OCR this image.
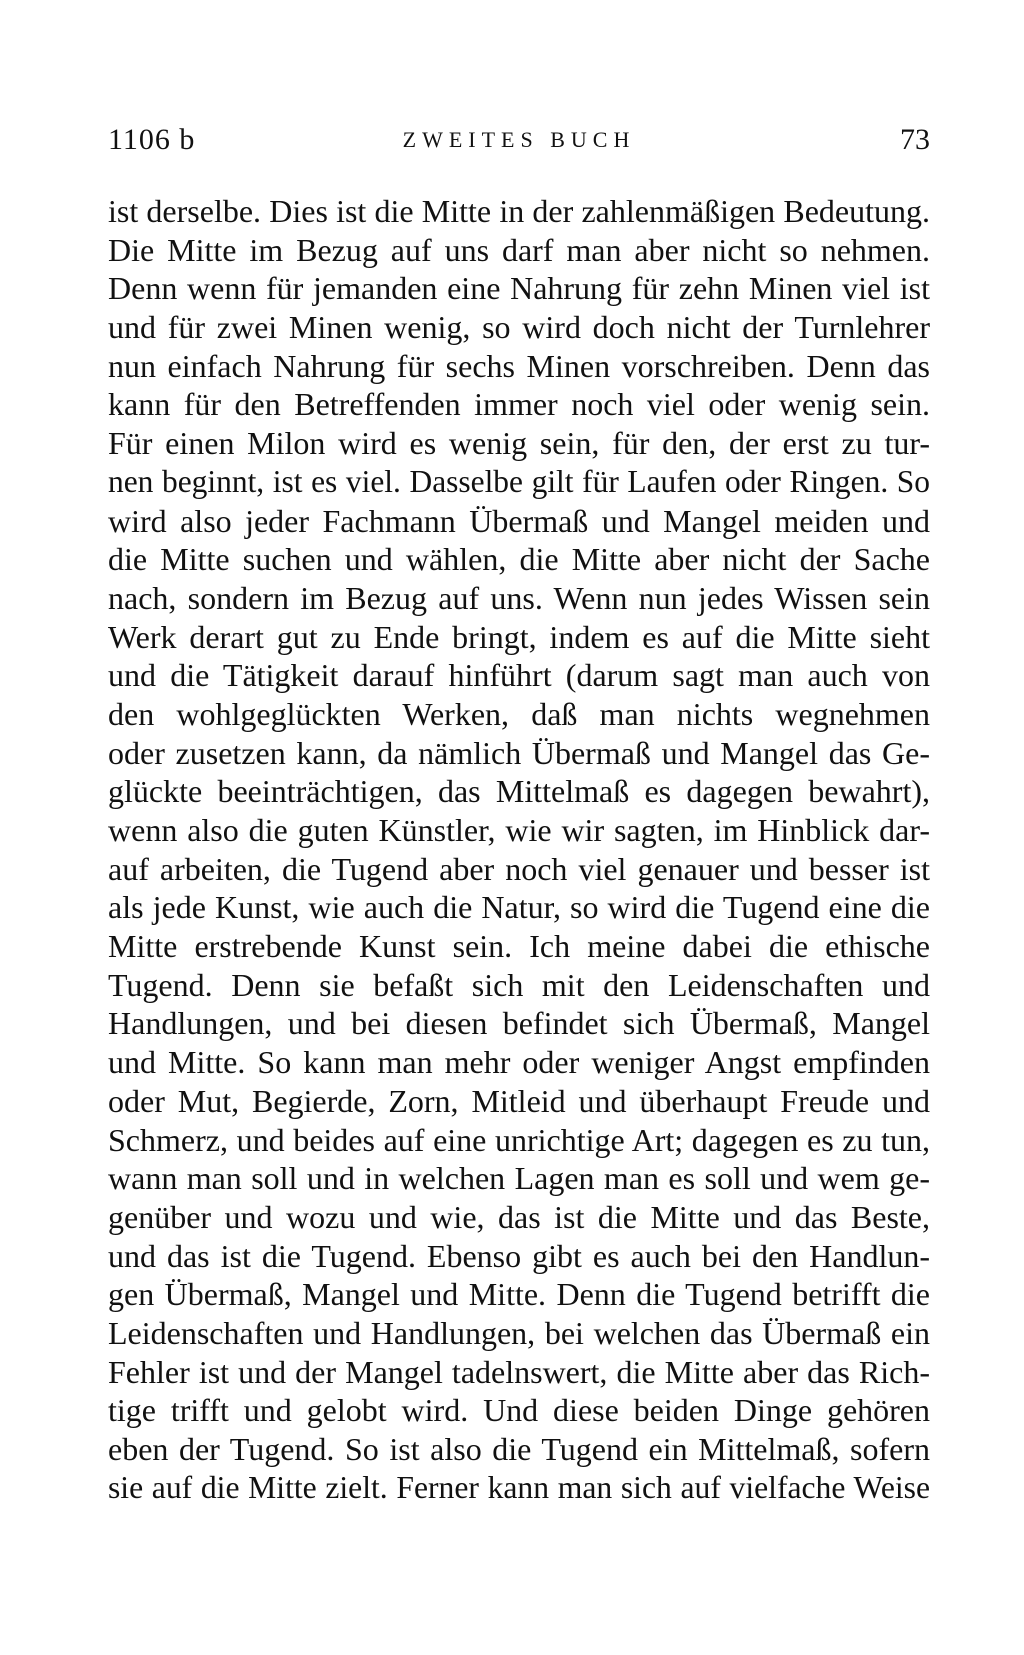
1106 b	ZWEITES BUCH	73
ist derselbe. Dies ist die Mitte in der zahlenmäßigen Bedeutung.
Die Mitte im Bezug auf uns darf man aber nicht so nehmen.
Denn wenn für jemanden eine Nahrung für zehn Minen viel ist
und für zwei Minen wenig, so wird doch nicht der Turnlehrer
nun einfach Nahrung für sechs Minen vorschreiben. Denn das
kann für den Betreffenden immer noch viel oder wenig sein.
Für einen Milon wird es wenig sein, für den, der erst zu tur-
nen beginnt, ist es viel. Dasselbe gilt für Laufen oder Ringen. So
wird also jeder Fachmann Übermaß und Mangel meiden und
die Mitte suchen und wählen, die Mitte aber nicht der Sache
nach, sondern im Bezug auf uns. Wenn nun jedes Wissen sein
Werk derart gut zu Ende bringt, indem es auf die Mitte sieht
und die Tätigkeit darauf hinführt (darum sagt man auch von
den wohlgeglückten Werken, daß man nichts wegnehmen
oder zusetzen kann, da nämlich Übermaß und Mangel das Ge-
glückte beeinträchtigen, das Mittelmaß es dagegen bewahrt),
wenn also die guten Künstler, wie wir sagten, im Hinblick dar-
auf arbeiten, die Tugend aber noch viel genauer und besser ist
als jede Kunst, wie auch die Natur, so wird die Tugend eine die
Mitte erstrebende Kunst sein. Ich meine dabei die ethische
Tugend. Denn sie befaßt sich mit den Leidenschaften und
Handlungen, und bei diesen befindet sich Übermaß, Mangel
und Mitte. So kann man mehr oder weniger Angst empfinden
oder Mut, Begierde, Zorn, Mitleid und überhaupt Freude und
Schmerz, und beides auf eine unrichtige Art; dagegen es zu tun,
wann man soll und in welchen Lagen man es soll und wem ge-
genüber und wozu und wie, das ist die Mitte und das Beste,
und das ist die Tugend. Ebenso gibt es auch bei den Handlun-
gen Übermaß, Mangel und Mitte. Denn die Tugend betrifft die
Leidenschaften und Handlungen, bei welchen das Übermaß ein
Fehler ist und der Mangel tadelnswert, die Mitte aber das Rich-
tige trifft und gelobt wird. Und diese beiden Dinge gehören
eben der Tugend. So ist also die Tugend ein Mittelmaß, sofern
sie auf die Mitte zielt. Ferner kann man sich auf vielfache Weise
